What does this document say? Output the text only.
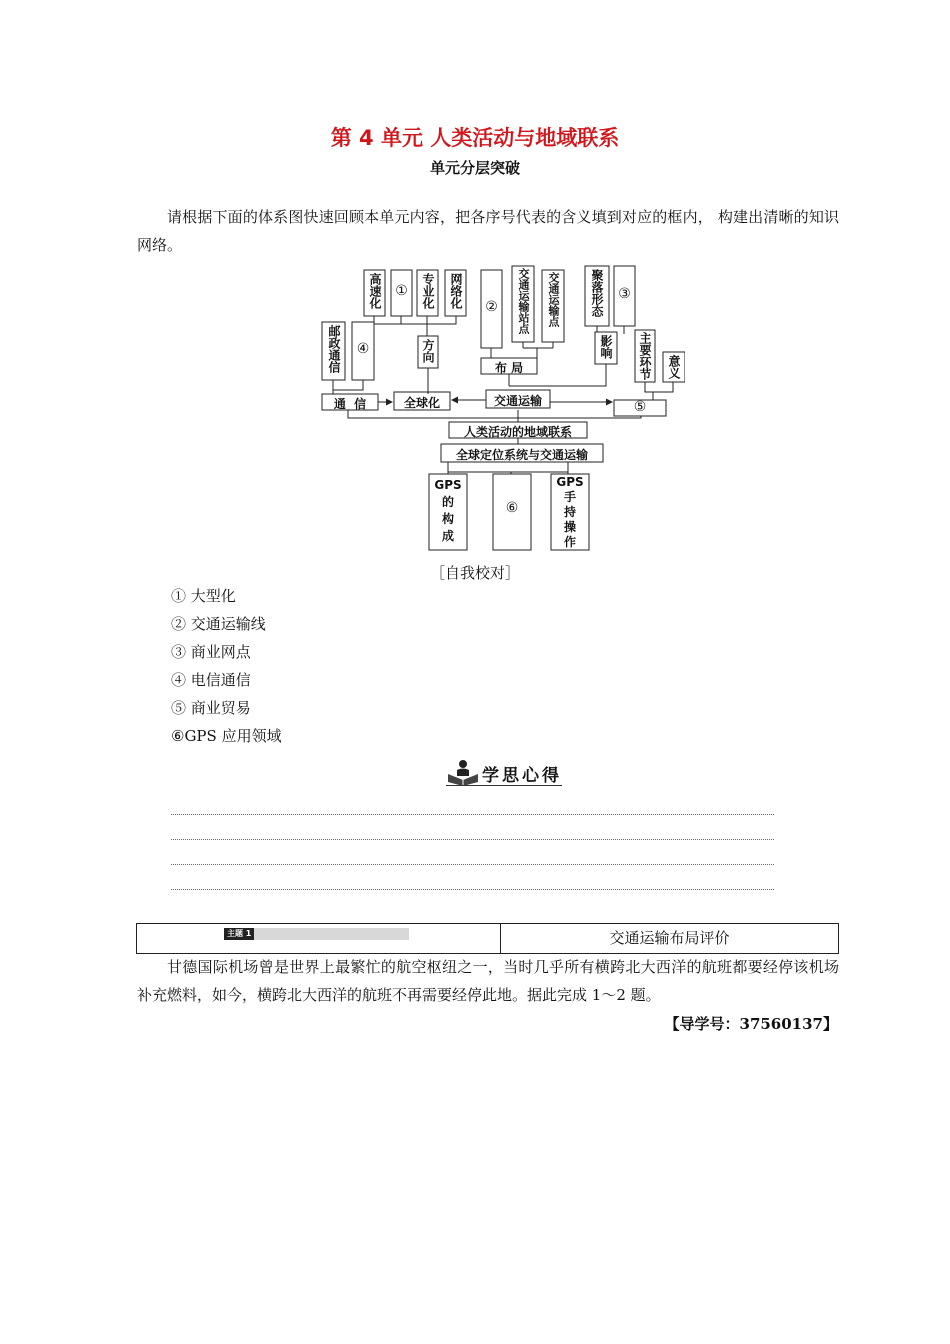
第 4 单元 人类活动与地域联系
单元分层突破
请根据下面的体系图快速回顾本单元内容，把各序号代表的含义填到对应的框内， 构建出清晰的知识网络。
高速化 ①	专业化	网络化
邮政通信	④	方向
②	交通运输站点	交通运输点	聚落形态	③
影响	主要环节	意义
布 局
通  信	全球化	交通运输	⑤
人类活动的地域联系
全球定位系统与交通运输
GPS
的
构
成
⑥
GPS
手
持
操
作
［自我校对］
① 大型化
② 交通运输线
③ 商业网点
④ 电信通信
⑤ 商业贸易
⑥GPS 应用领域
学思心得
主题 1	交通运输布局评价
甘德国际机场曾是世界上最繁忙的航空枢纽之一，当时几乎所有横跨北大西洋的航班都要经停该机场补充燃料，如今，横跨北大西洋的航班不再需要经停此地。据此完成 1～2 题。
【导学号：37560137】
